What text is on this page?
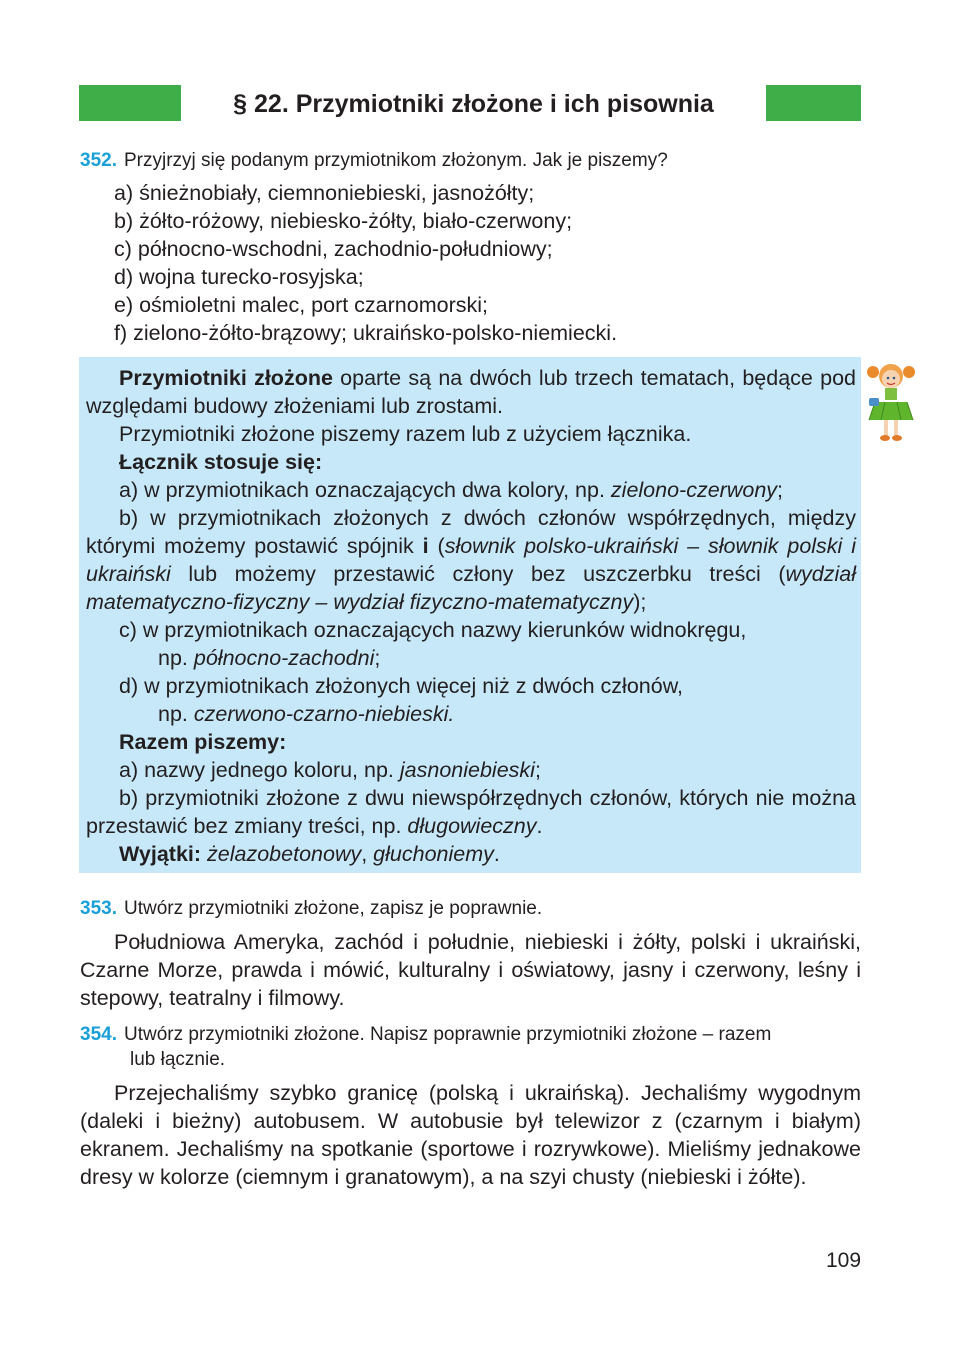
§ 22. Przymiotniki złożone i ich pisownia
352. Przyjrzyj się podanym przymiotnikom złożonym. Jak je piszemy?
a) śnieżnobiały, ciemnoniebieski, jasnożółty;
b) żółto-różowy, niebiesko-żółty, biało-czerwony;
c) północno-wschodni, zachodnio-południowy;
d) wojna turecko-rosyjska;
e) ośmioletni malec, port czarnomorski;
f) zielono-żółto-brązowy; ukraińsko-polsko-niemiecki.

Przymiotniki złożone oparte są na dwóch lub trzech tematach, będące pod względami budowy złożeniami lub zrostami.

Przymiotniki złożone piszemy razem lub z użyciem łącznika.

Łącznik stosuje się:

a) w przymiotnikach oznaczających dwa kolory, np. zielono-czerwony;

b) w przymiotnikach złożonych z dwóch członów współrzędnych, między którymi możemy postawić spójnik i (słownik polsko-ukraiński – słownik polski i ukraiński lub możemy przestawić człony bez uszczerbku treści (wydział matematyczno-fizyczny – wydział fizyczno-matematyczny);

c) w przymiotnikach oznaczających nazwy kierunków widnokręgu,

np. północno-zachodni;

d) w przymiotnikach złożonych więcej niż z dwóch członów,

np. czerwono-czarno-niebieski.

Razem piszemy:

a) nazwy jednego koloru, np. jasnoniebieski;

b) przymiotniki złożone z dwu niewspółrzędnych członów, których nie można przestawić bez zmiany treści, np. długowieczny.

Wyjątki: żelazobetonowy, głuchoniemy.

353. Utwórz przymiotniki złożone, zapisz je poprawnie.

Południowa Ameryka, zachód i południe, niebieski i żółty, polski i ukraiński, Czarne Morze, prawda i mówić, kulturalny i oświatowy, jasny i czerwony, leśny i stepowy, teatralny i filmowy.

354. Utwórz przymiotniki złożone. Napisz poprawnie przymiotniki złożone – razem
lub łącznie.

Przejechaliśmy szybko granicę (polską i ukraińską). Jechaliśmy wygodnym (daleki i bieżny) autobusem. W autobusie był telewizor z (czarnym i białym) ekranem. Jechaliśmy na spotkanie (sportowe i rozrywkowe). Mieliśmy jednakowe dresy w kolorze (ciemnym i granatowym), a na szyi chusty (niebieski i żółte).

109
